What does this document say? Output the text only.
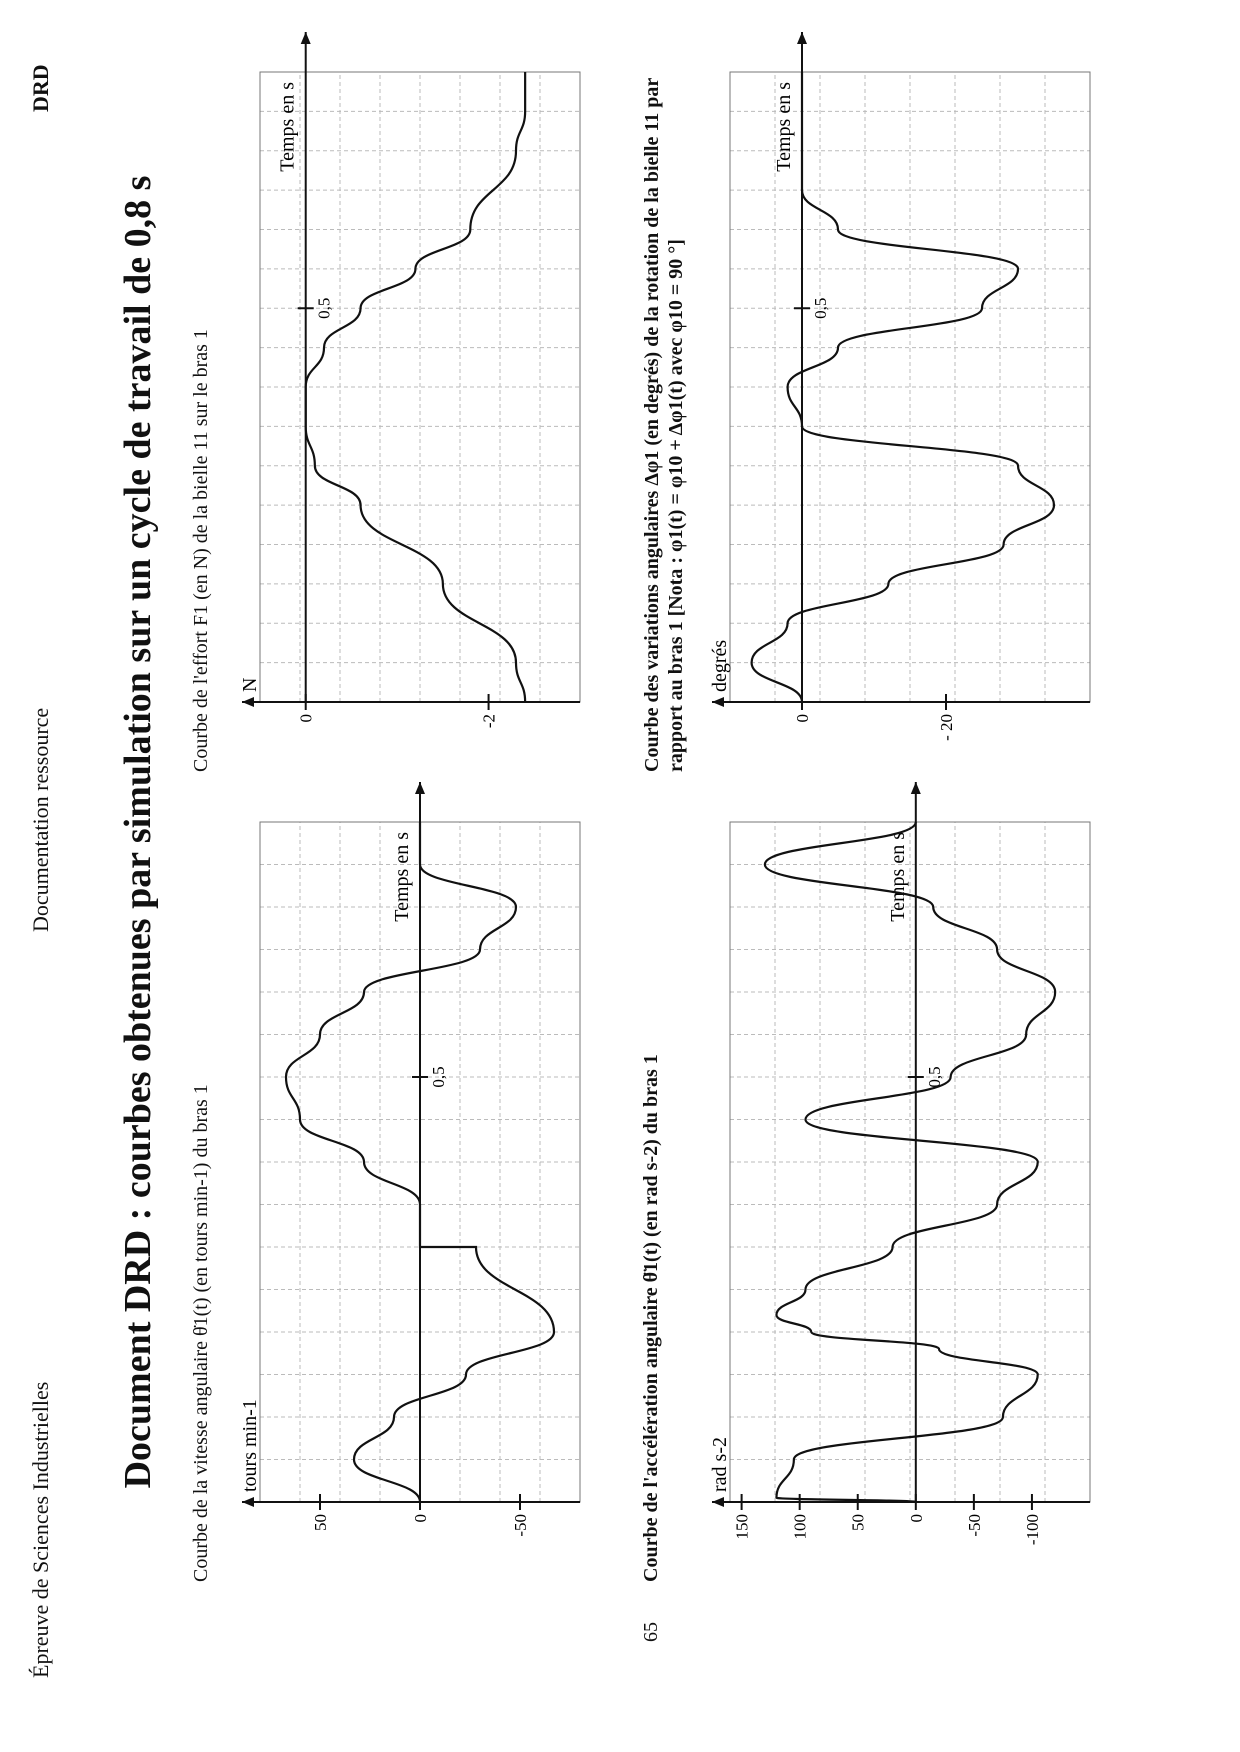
Épreuve de Sciences Industrielles
Documentation ressource
DRD
Document DRD : courbes obtenues par simulation sur un cycle de travail de 0,8 s Courbe de la vitesse angulaire θ̇1(t) (en tours min-1) du bras 1	Courbe de l'accélération angulaire θ̈1(t) (en rad s-2) du bras 1
Courbe de l'effort F1 (en N) de la bielle 11 sur le bras 1	Courbe des variations angulaires Δφ1 (en degrés) de la rotation de la bielle 11 par rapport au bras 1 [Nota : φ1(t) = φ10 + Δφ1(t) avec φ10 = 90 °]
Temps en s
tours min-1
50	0	-50
0,5
Temps en s
rad s-2
150 100 50 0 -50 -100
0,5
Temps en s
N
0	-2
0,5
Temps en s
degrés
0	- 20
0,5
65
